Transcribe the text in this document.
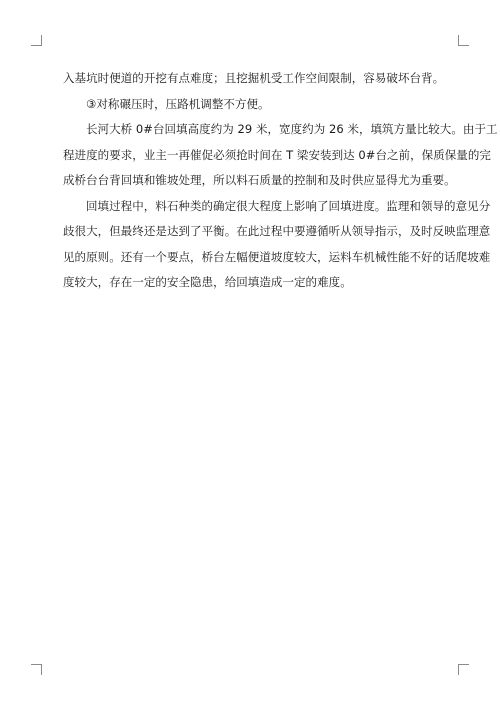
入基坑时便道的开挖有点难度；且挖掘机受工作空间限制，容易破坏台背。

③对称碾压时，压路机调整不方便。

长河大桥 0#台回填高度约为 29 米，宽度约为 26 米，填筑方量比较大。由于工

程进度的要求，业主一再催促必须抢时间在 T 梁安装到达 0#台之前，保质保量的完

成桥台台背回填和锥坡处理，所以料石质量的控制和及时供应显得尤为重要。

回填过程中，料石种类的确定很大程度上影响了回填进度。监理和领导的意见分

歧很大，但最终还是达到了平衡。在此过程中要遵循听从领导指示，及时反映监理意

见的原则。还有一个要点，桥台左幅便道坡度较大，运料车机械性能不好的话爬坡难

度较大，存在一定的安全隐患，给回填造成一定的难度。
